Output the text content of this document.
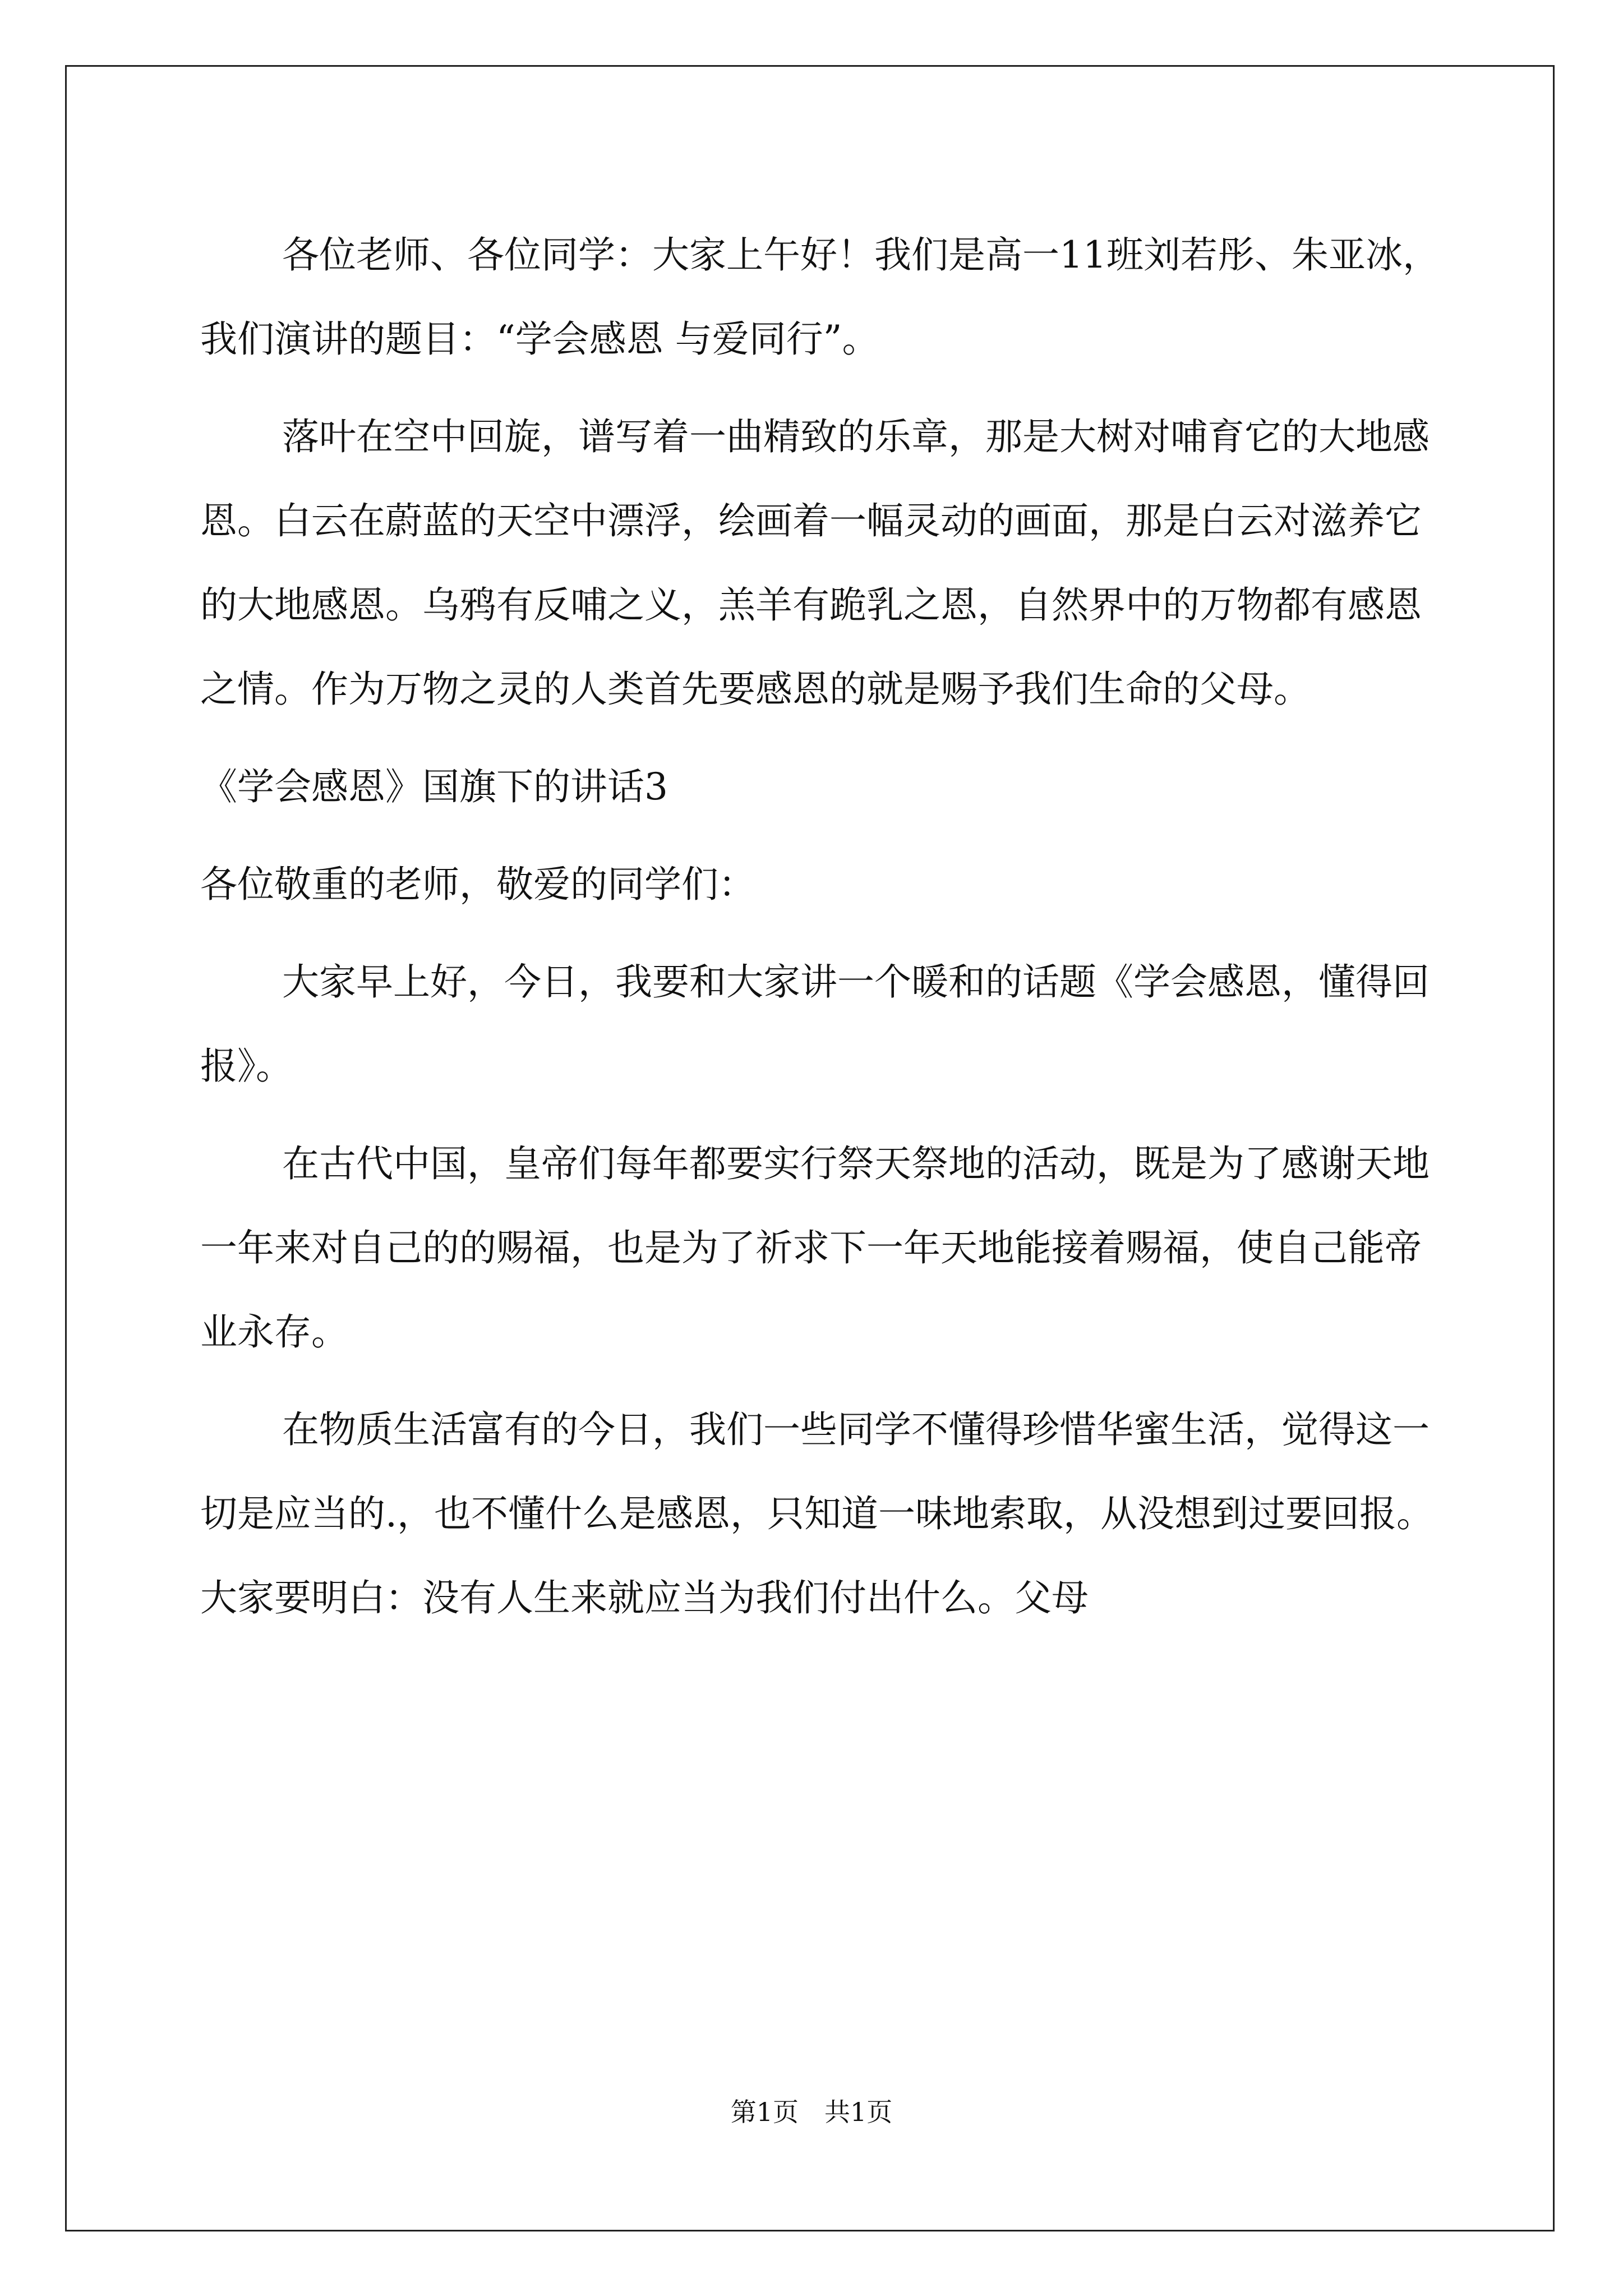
各位老师、各位同学：大家上午好！我们是高一11班刘若彤、朱亚冰，我们演讲的题目：“学会感恩 与爱同行”。

落叶在空中回旋，谱写着一曲精致的乐章，那是大树对哺育它的大地感恩。白云在蔚蓝的天空中漂浮，绘画着一幅灵动的画面，那是白云对滋养它的大地感恩。乌鸦有反哺之义，羔羊有跪乳之恩，自然界中的万物都有感恩之情。作为万物之灵的人类首先要感恩的就是赐予我们生命的父母。

《学会感恩》国旗下的讲话3

各位敬重的老师，敬爱的同学们：

大家早上好，今日，我要和大家讲一个暖和的话题《学会感恩，懂得回报》。

在古代中国，皇帝们每年都要实行祭天祭地的活动，既是为了感谢天地一年来对自己的的赐福，也是为了祈求下一年天地能接着赐福，使自己能帝业永存。

在物质生活富有的今日，我们一些同学不懂得珍惜华蜜生活，觉得这一切是应当的.，也不懂什么是感恩，只知道一味地索取，从没想到过要回报。大家要明白：没有人生来就应当为我们付出什么。父母

第1页　共1页
